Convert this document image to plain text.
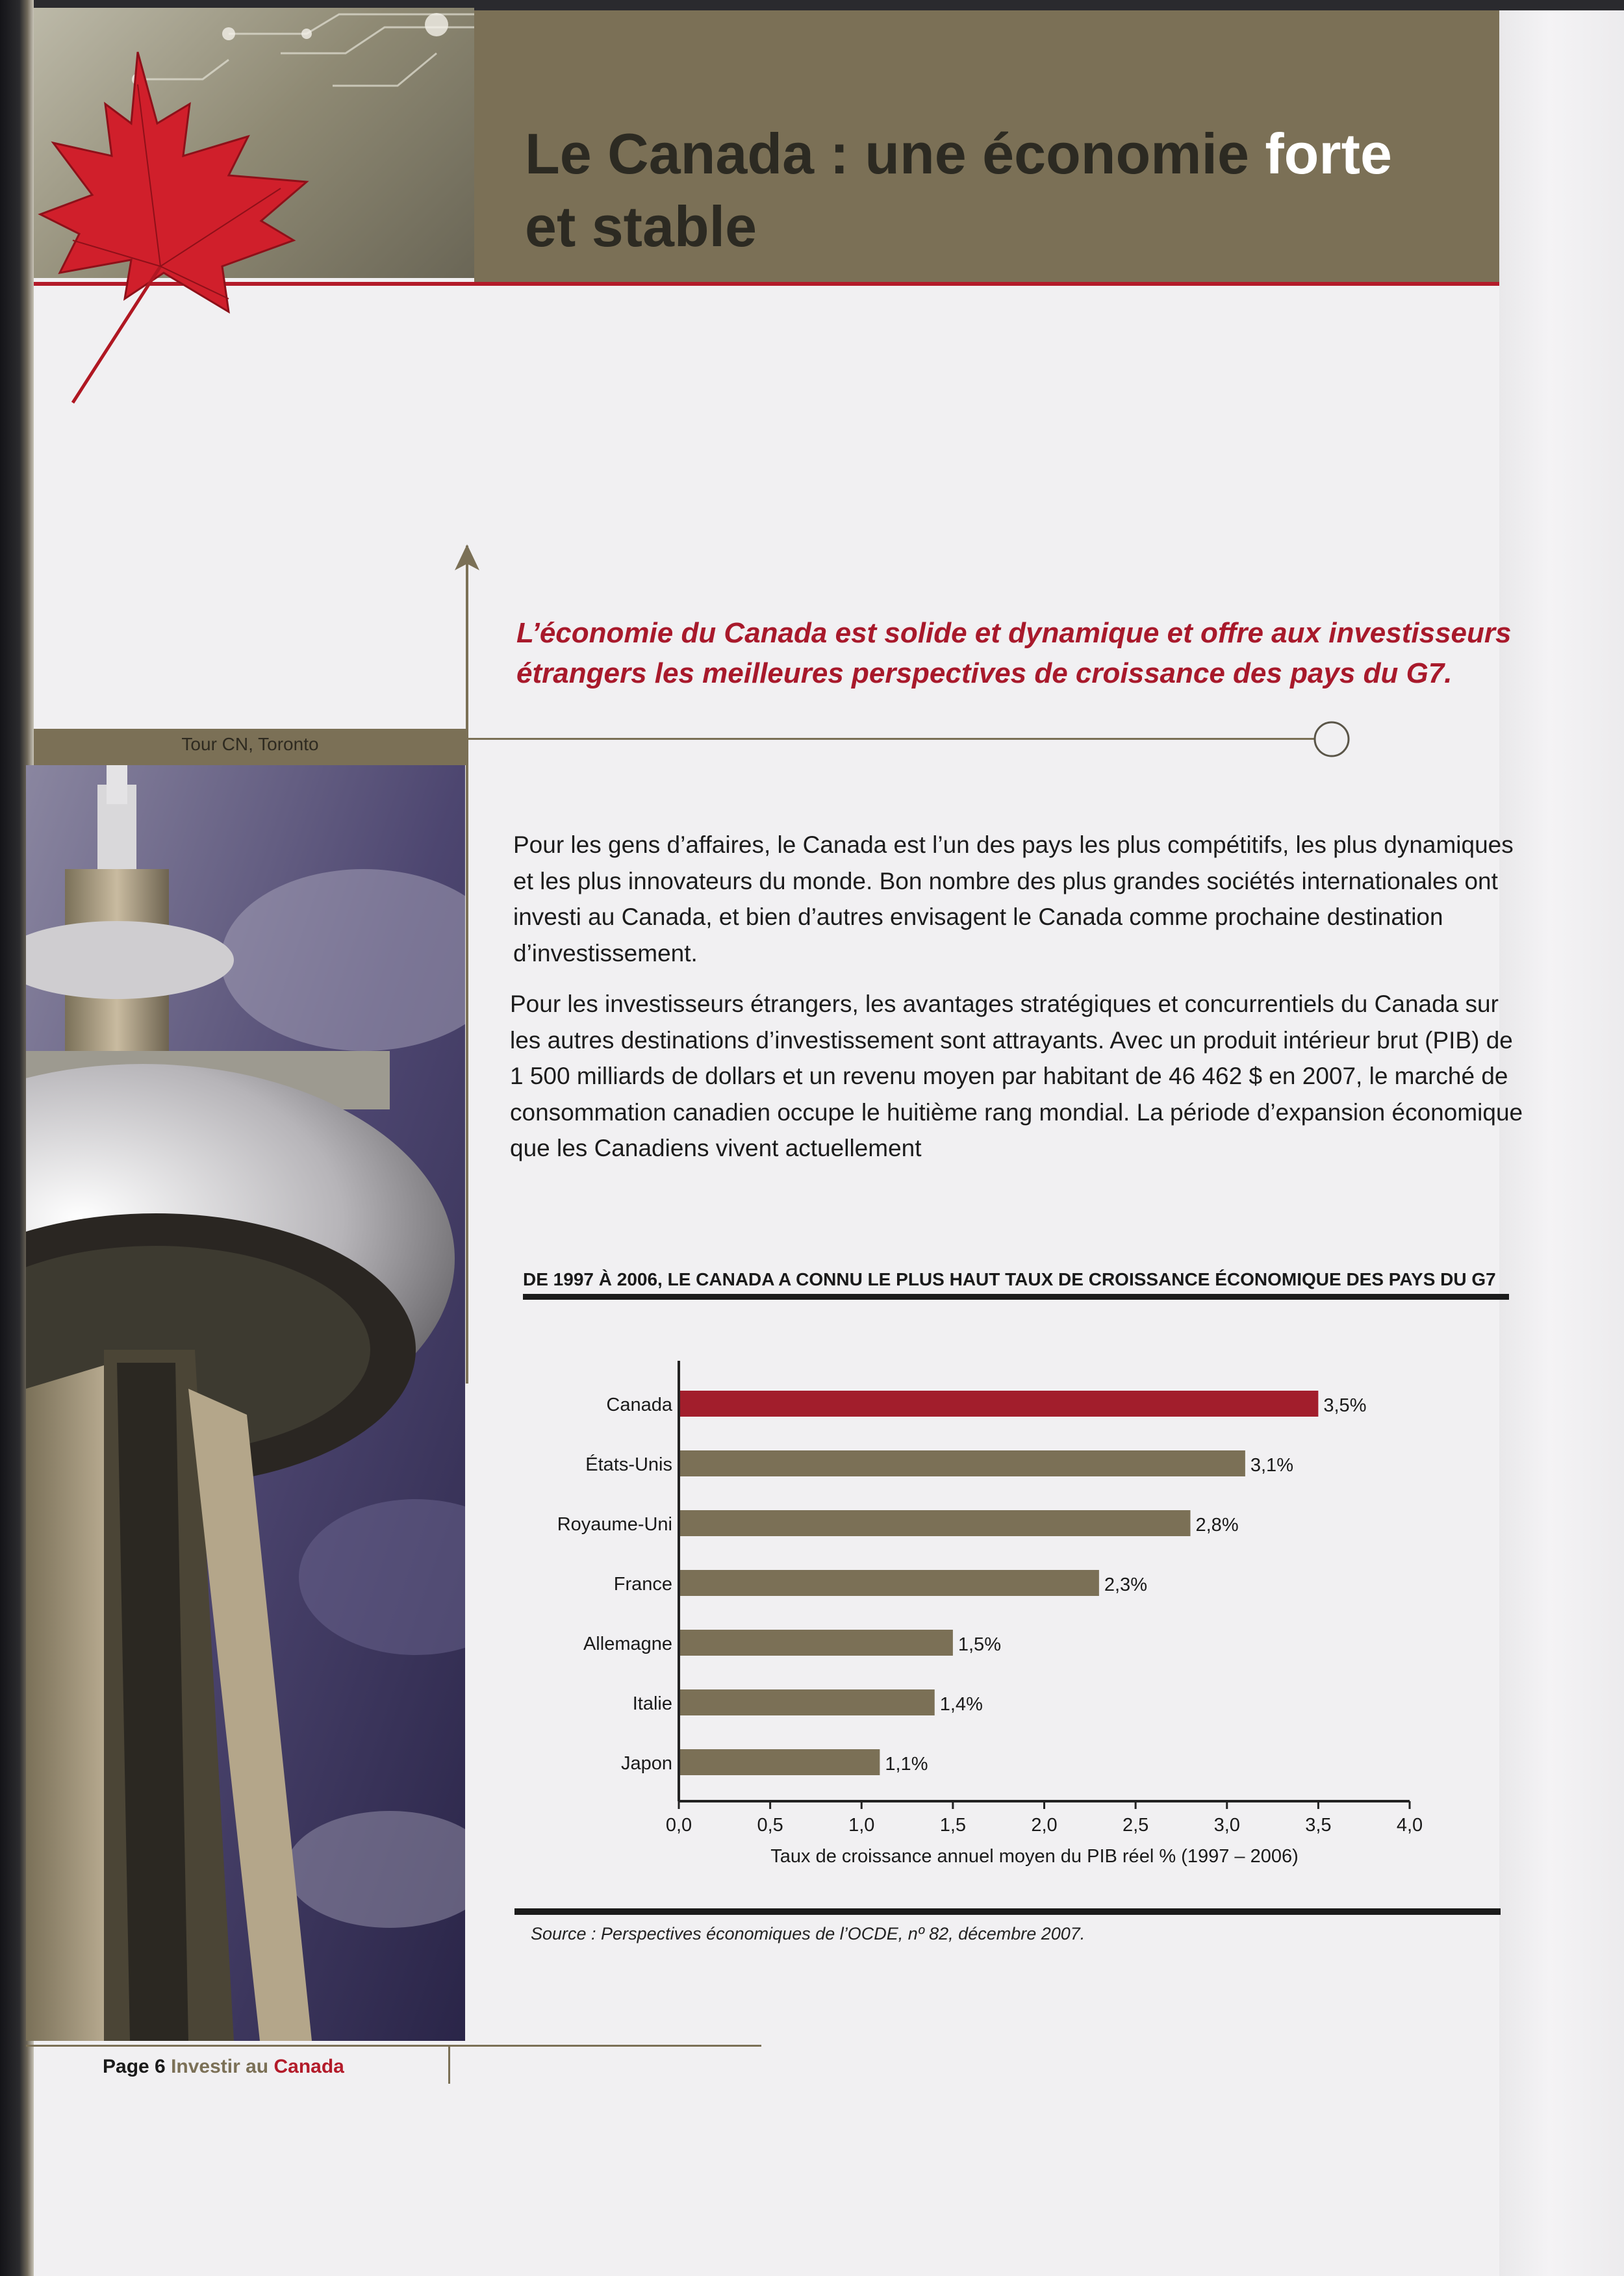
Le Canada : une économie forte
et stable
L’économie du Canada est solide et dynamique et offre aux investisseurs étrangers les meilleures perspectives de croissance des pays du G7.
Tour CN, Toronto
Pour les gens d’affaires, le Canada est l’un des pays les plus compétitifs, les plus dynamiques et les plus innovateurs du monde. Bon nombre des plus grandes sociétés internationales ont investi au Canada, et bien d’autres envisagent le Canada comme prochaine destination d’investissement.
Pour les investisseurs étrangers, les avantages stratégiques et concurrentiels du Canada sur les autres destinations d’investissement sont attrayants. Avec un produit intérieur brut (PIB) de 1 500 milliards de dollars et un revenu moyen par habitant de 46 462 $ en 2007, le marché de consommation canadien occupe le huitième rang mondial. La période d’expansion économique que les Canadiens vivent actuellement
DE 1997 À 2006, LE CANADA A CONNU LE PLUS HAUT TAUX DE CROISSANCE ÉCONOMIQUE DES PAYS DU G7
Canada	3,5%
États-Unis	3,1%
Royaume-Uni	2,8%
France	2,3%
Allemagne	1,5%
Italie	1,4%
Japon	1,1%
0,0	0,5	1,0	1,5	2,0	2,5	3,0	3,5	4,0
Taux de croissance annuel moyen du PIB réel % (1997 – 2006)
Source : Perspectives économiques de l’OCDE, nº 82, décembre 2007.
Page 6 Investir au Canada
